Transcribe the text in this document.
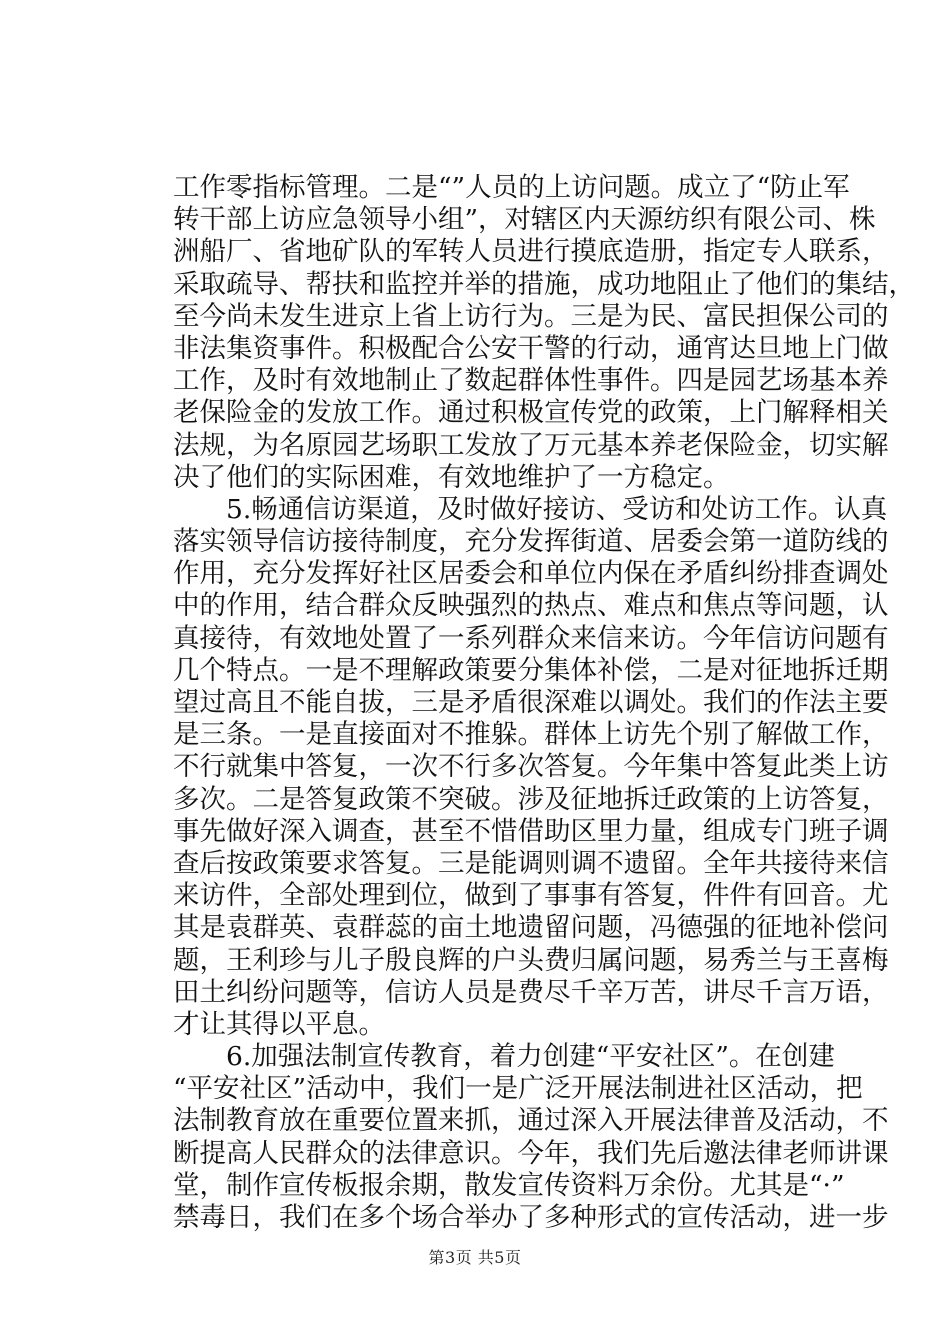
工作零指标管理。二是“”人员的上访问题。成立了“防止军
转干部上访应急领导小组”，对辖区内天源纺织有限公司、株
洲船厂、省地矿队的军转人员进行摸底造册，指定专人联系，
采取疏导、帮扶和监控并举的措施，成功地阻止了他们的集结，
至今尚未发生进京上省上访行为。三是为民、富民担保公司的
非法集资事件。积极配合公安干警的行动，通宵达旦地上门做
工作，及时有效地制止了数起群体性事件。四是园艺场基本养
老保险金的发放工作。通过积极宣传党的政策，上门解释相关
法规，为名原园艺场职工发放了万元基本养老保险金，切实解
决了他们的实际困难，有效地维护了一方稳定。
　　5.畅通信访渠道，及时做好接访、受访和处访工作。认真
落实领导信访接待制度，充分发挥街道、居委会第一道防线的
作用，充分发挥好社区居委会和单位内保在矛盾纠纷排查调处
中的作用，结合群众反映强烈的热点、难点和焦点等问题，认
真接待，有效地处置了一系列群众来信来访。今年信访问题有
几个特点。一是不理解政策要分集体补偿，二是对征地拆迁期
望过高且不能自拔，三是矛盾很深难以调处。我们的作法主要
是三条。一是直接面对不推躲。群体上访先个别了解做工作，
不行就集中答复，一次不行多次答复。今年集中答复此类上访
多次。二是答复政策不突破。涉及征地拆迁政策的上访答复，
事先做好深入调查，甚至不惜借助区里力量，组成专门班子调
查后按政策要求答复。三是能调则调不遗留。全年共接待来信
来访件，全部处理到位，做到了事事有答复，件件有回音。尤
其是袁群英、袁群蕊的亩土地遗留问题，冯德强的征地补偿问
题，王利珍与儿子殷良辉的户头费归属问题，易秀兰与王喜梅
田土纠纷问题等，信访人员是费尽千辛万苦，讲尽千言万语，
才让其得以平息。
　　6.加强法制宣传教育，着力创建“平安社区”。在创建
“平安社区”活动中，我们一是广泛开展法制进社区活动，把
法制教育放在重要位置来抓，通过深入开展法律普及活动，不
断提高人民群众的法律意识。今年，我们先后邀法律老师讲课
堂，制作宣传板报余期，散发宣传资料万余份。尤其是“·”
禁毒日，我们在多个场合举办了多种形式的宣传活动，进一步
第3页 共5页
